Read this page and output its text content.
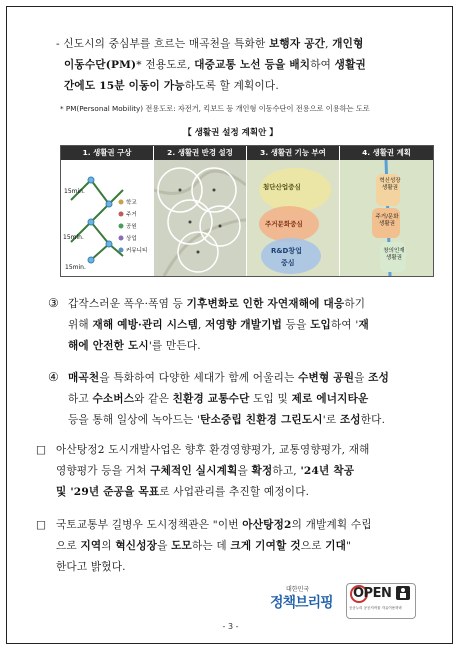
- 신도시의 중심부를 흐르는 매곡천을 특화한 보행자 공간, 개인형
이동수단(PM)* 전용도로, 대중교통 노선 등을 배치하여 생활권
간에도 15분 이동이 가능하도록 할 계획이다.
* PM(Personal Mobility) 전용도로: 자전거, 킥보드 등 개인형 이동수단이 전용으로 이용하는 도로
【 생활권 설정 계획안 】
1. 생활권 구상	2. 생활권 반경 설정	3. 생활권 기능 부여	4. 생활권 계획
15min.
15min.
15min.
학교
주거
공원
상업
커뮤니티
첨단산업중심
주거문화중심
R&D창업
중심
혁신성장
생활권
주거/문화
생활권
창의인재
생활권
③ 갑작스러운 폭우·폭염 등 기후변화로 인한 자연재해에 대응하기
위해 재해 예방·관리 시스템, 저영향 개발기법 등을 도입하여 '재
해에 안전한 도시'를 만든다.
④ 매곡천을 특화하여 다양한 세대가 함께 어울리는 수변형 공원을 조성
하고 수소버스와 같은 친환경 교통수단 도입 및 제로 에너지타운
등을 통해 일상에 녹아드는 '탄소중립 친환경 그린도시'로 조성한다.
□ 아산탕정2 도시개발사업은 향후 환경영향평가, 교통영향평가, 재해
영향평가 등을 거쳐 구체적인 실시계획을 확정하고, '24년 착공
및 '29년 준공을 목표로 사업관리를 추진할 예정이다.
□ 국토교통부 길병우 도시정책관은 "이번 아산탕정2의 개발계획 수립
으로 지역의 혁신성장을 도모하는 데 크게 기여할 것으로 기대"
한다고 밝혔다.
대한민국
정책브리핑
OPEN
공공누리 공공저작물 자유이용허락
- 3 -
